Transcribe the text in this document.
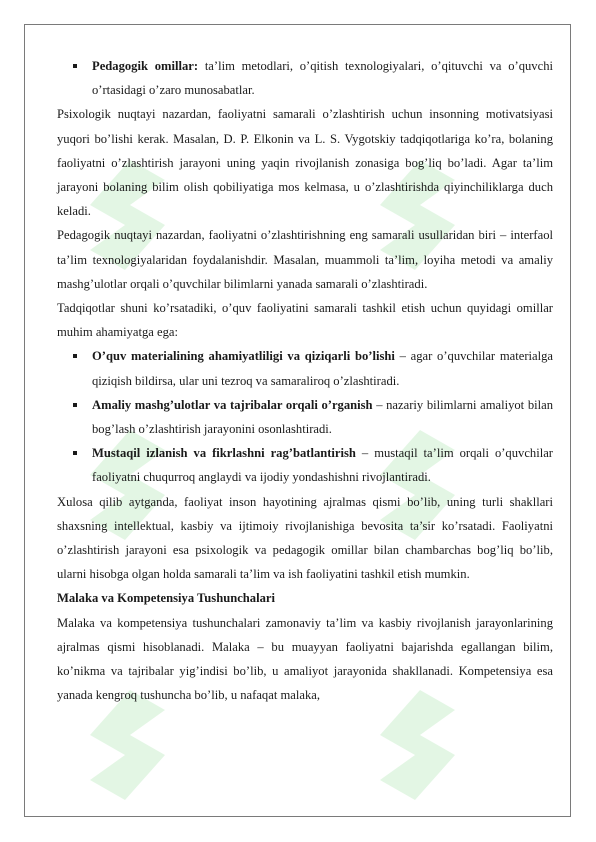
Pedagogik omillar: ta’lim metodlari, o’qitish texnologiyalari, o’qituvchi va o’quvchi o’rtasidagi o’zaro munosabatlar.

Psixologik nuqtayi nazardan, faoliyatni samarali o’zlashtirish uchun insonning motivatsiyasi yuqori bo’lishi kerak. Masalan, D. P. Elkonin va L. S. Vygotskiy tadqiqotlariga ko’ra, bolaning faoliyatni o’zlashtirish jarayoni uning yaqin rivojlanish zonasiga bog’liq bo’ladi. Agar ta’lim jarayoni bolaning bilim olish qobiliyatiga mos kelmasa, u o’zlashtirishda qiyinchiliklarga duch keladi.

Pedagogik nuqtayi nazardan, faoliyatni o’zlashtirishning eng samarali usullaridan biri – interfaol ta’lim texnologiyalaridan foydalanishdir. Masalan, muammoli ta’lim, loyiha metodi va amaliy mashg’ulotlar orqali o’quvchilar bilimlarni yanada samarali o’zlashtiradi.

Tadqiqotlar shuni ko’rsatadiki, o’quv faoliyatini samarali tashkil etish uchun quyidagi omillar muhim ahamiyatga ega:

O’quv materialining ahamiyatliligi va qiziqarli bo’lishi – agar o’quvchilar materialga qiziqish bildirsa, ular uni tezroq va samaraliroq o’zlashtiradi.
Amaliy mashg’ulotlar va tajribalar orqali o’rganish – nazariy bilimlarni amaliyot bilan bog’lash o’zlashtirish jarayonini osonlashtiradi.
Mustaqil izlanish va fikrlashni rag’batlantirish – mustaqil ta’lim orqali o’quvchilar faoliyatni chuqurroq anglaydi va ijodiy yondashishni rivojlantiradi.

Xulosa qilib aytganda, faoliyat inson hayotining ajralmas qismi bo’lib, uning turli shakllari shaxsning intellektual, kasbiy va ijtimoiy rivojlanishiga bevosita ta’sir ko’rsatadi. Faoliyatni o’zlashtirish jarayoni esa psixologik va pedagogik omillar bilan chambarchas bog’liq bo’lib, ularni hisobga olgan holda samarali ta’lim va ish faoliyatini tashkil etish mumkin.

Malaka va Kompetensiya Tushunchalari

Malaka va kompetensiya tushunchalari zamonaviy ta’lim va kasbiy rivojlanish jarayonlarining ajralmas qismi hisoblanadi. Malaka – bu muayyan faoliyatni bajarishda egallangan bilim, ko’nikma va tajribalar yig’indisi bo’lib, u amaliyot jarayonida shakllanadi. Kompetensiya esa yanada kengroq tushuncha bo’lib, u nafaqat malaka,
